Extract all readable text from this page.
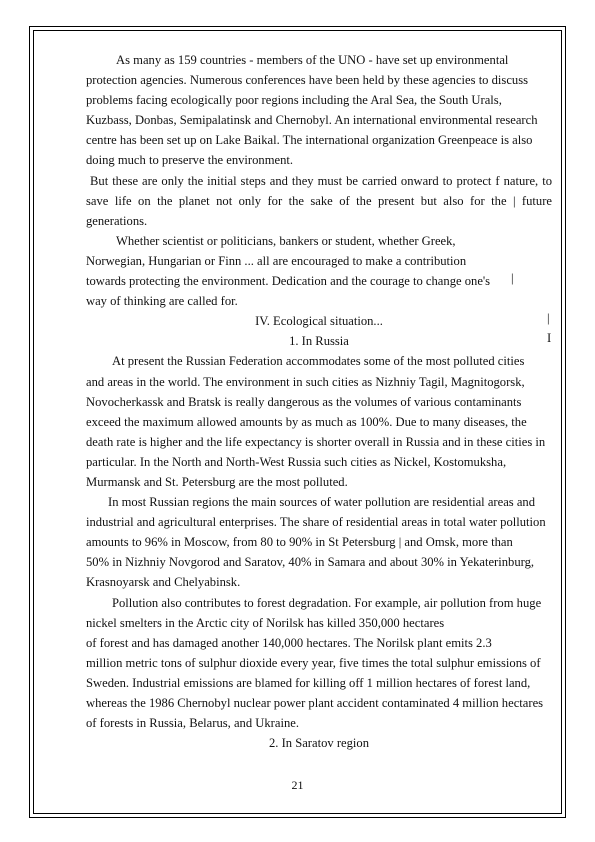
As many as 159 countries - members of the UNO - have set up environmental
protection agencies. Numerous conferences have been held by these agencies to discuss
problems facing ecologically poor regions including the Aral Sea, the South Urals,
Kuzbass, Donbas, Semipalatinsk and Chernobyl. An international environmental research
centre has been set up on Lake Baikal. The international organization Greenpeace is also
doing much to preserve the environment.
But these are only the initial steps and they must be carried onward to protect f nature, to
save life on the planet not only for the sake of the present but also for the | future
generations.
Whether scientist or politicians, bankers or student, whether Greek,
Norwegian, Hungarian or Finn ... all are encouraged to make a contribution
towards protecting the environment. Dedication and the courage to change one's
way of thinking are called for.
IV. Ecological situation...
1. In Russia
At present the Russian Federation accommodates some of the most polluted cities
and areas in the world. The environment in such cities as Nizhniy Tagil, Magnitogorsk,
Novocherkassk and Bratsk is really dangerous as the volumes of various contaminants
exceed the maximum allowed amounts by as much as 100%. Due to many diseases, the
death rate is higher and the life expectancy is shorter overall in Russia and in these cities in
particular. In the North and North-West Russia such cities as Nickel, Kostomuksha,
Murmansk and St. Petersburg are the most polluted.
In most Russian regions the main sources of water pollution are residential areas and
industrial and agricultural enterprises. The share of residential areas in total water pollution
amounts to 96% in Moscow, from 80 to 90% in St Petersburg | and Omsk, more than
50% in Nizhniy Novgorod and Saratov, 40% in Samara and about 30% in Yekaterinburg,
Krasnoyarsk and Chelyabinsk.
Pollution also contributes to forest degradation. For example, air pollution from huge
nickel smelters in the Arctic city of Norilsk has killed 350,000 hectares
of forest and has damaged another 140,000 hectares. The Norilsk plant emits 2.3
million metric tons of sulphur dioxide every year, five times the total sulphur emissions of
Sweden. Industrial emissions are blamed for killing off 1 million hectares of forest land,
whereas the 1986 Chernobyl nuclear power plant accident contaminated 4 million hectares
of forests in Russia, Belarus, and Ukraine.
2. In Saratov region
|
|
I
21
